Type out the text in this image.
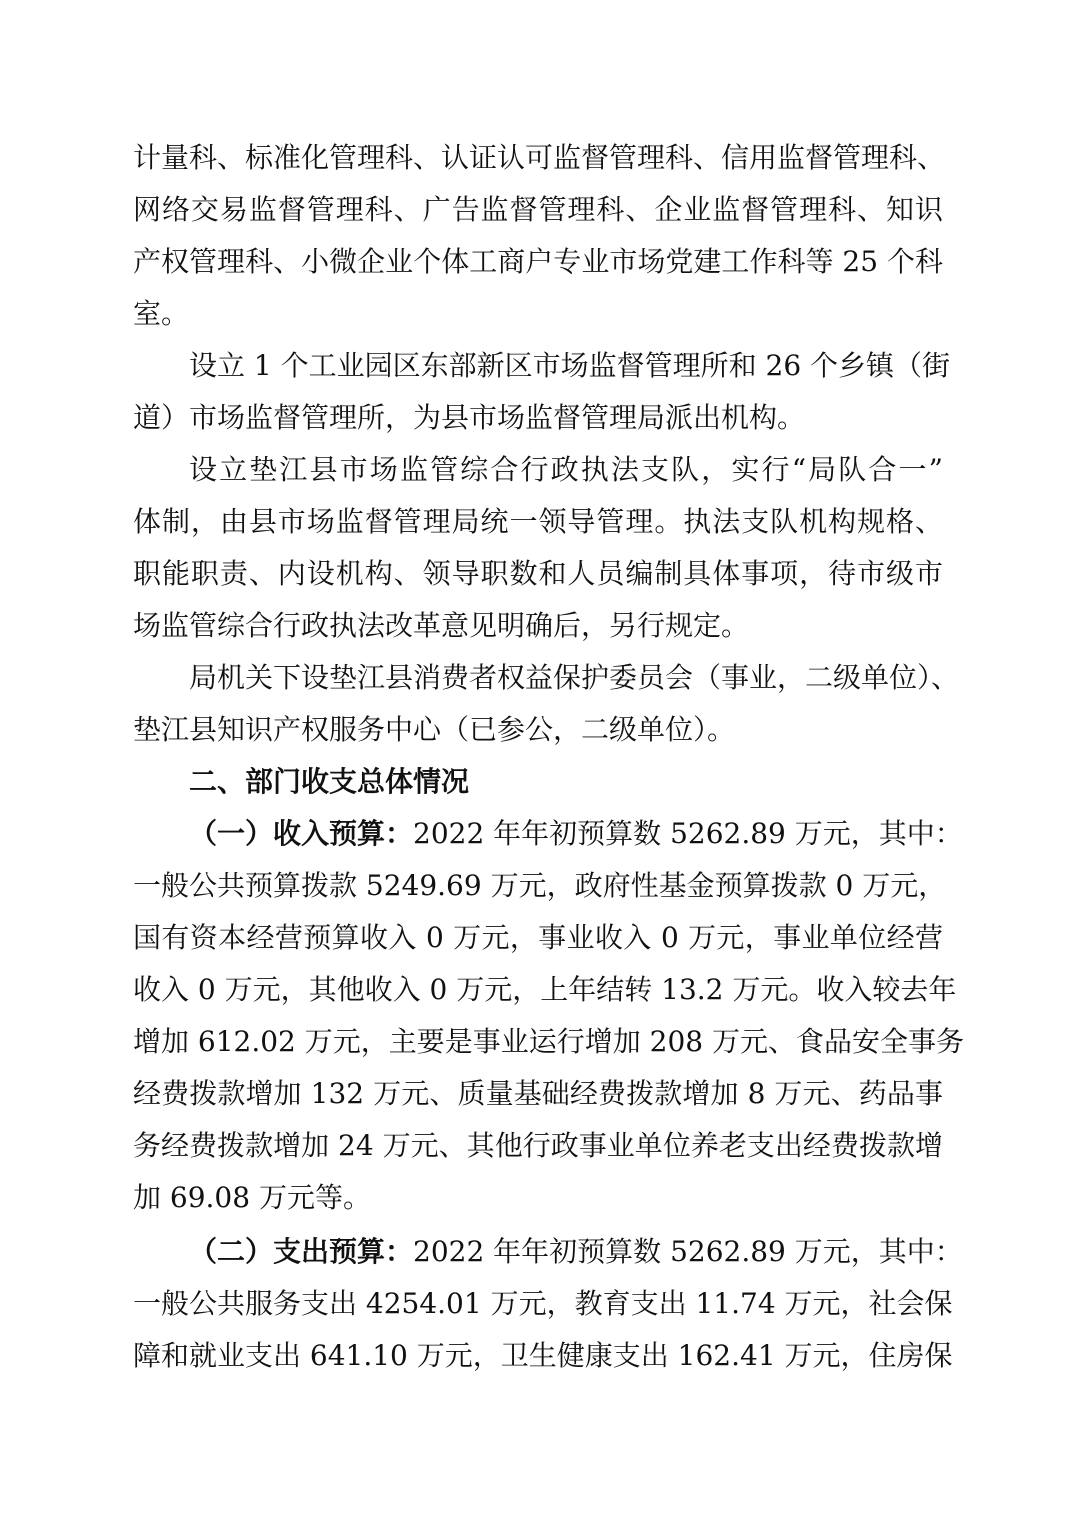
计量科、标准化管理科、认证认可监督管理科、信用监督管理科、
网络交易监督管理科、广告监督管理科、企业监督管理科、知识
产权管理科、小微企业个体工商户专业市场党建工作科等 25 个科
室。
设立 1 个工业园区东部新区市场监督管理所和 26 个乡镇（街
道）市场监督管理所，为县市场监督管理局派出机构。
设立垫江县市场监管综合行政执法支队，实行“局队合一”
体制，由县市场监督管理局统一领导管理。执法支队机构规格、
职能职责、内设机构、领导职数和人员编制具体事项，待市级市
场监管综合行政执法改革意见明确后，另行规定。
局机关下设垫江县消费者权益保护委员会（事业，二级单位）、
垫江县知识产权服务中心（已参公，二级单位）。
二、部门收支总体情况
（一）收入预算：2022 年年初预算数 5262.89 万元，其中：
一般公共预算拨款 5249.69 万元，政府性基金预算拨款 0 万元，
国有资本经营预算收入 0 万元，事业收入 0 万元，事业单位经营
收入 0 万元，其他收入 0 万元，上年结转 13.2 万元。收入较去年
增加 612.02 万元，主要是事业运行增加 208 万元、食品安全事务
经费拨款增加 132 万元、质量基础经费拨款增加 8 万元、药品事
务经费拨款增加 24 万元、其他行政事业单位养老支出经费拨款增
加 69.08 万元等。
（二）支出预算：2022 年年初预算数 5262.89 万元，其中：
一般公共服务支出 4254.01 万元，教育支出 11.74 万元，社会保
障和就业支出 641.10 万元，卫生健康支出 162.41 万元，住房保
